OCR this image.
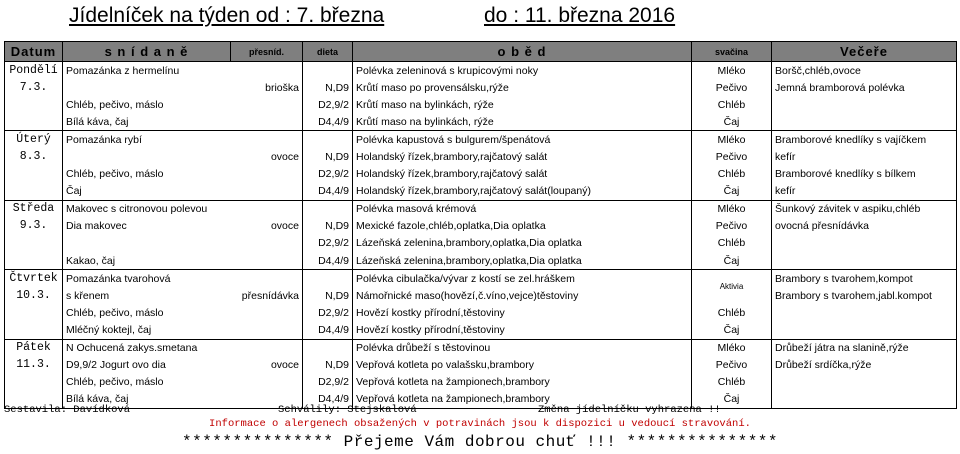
Jídelníček na týden od : 7. března	do : 11. března 2016
Datum	s n í d a n ě	přesníd.	dieta	o b ě d	svačina	Večeře
Pondělí	Pomazánka z hermelínu			Polévka zeleninová s krupicovými noky	Mléko	Boršč,chléb,ovoce
7.3.		brioška	N,D9	Krůtí maso po provensálsku,rýže	Pečivo	Jemná bramborová polévka
	Chléb, pečivo, máslo		D2,9/2	Krůtí maso na bylinkách, rýže	Chléb	
	Bílá káva, čaj		D4,4/9	Krůtí maso na bylinkách, rýže	Čaj	
Úterý	Pomazánka rybí			Polévka kapustová s bulgurem/špenátová	Mléko	Bramborové knedlíky s vajíčkem
8.3.		ovoce	N,D9	Holandský řízek,brambory,rajčatový salát	Pečivo	kefír
	Chléb, pečivo, máslo		D2,9/2	Holandský řízek,brambory,rajčatový salát	Chléb	Bramborové knedlíky s bílkem
	Čaj		D4,4/9	Holandský řízek,brambory,rajčatový salát(loupaný)	Čaj	kefír
Středa	Makovec s citronovou polevou			Polévka masová krémová	Mléko	Šunkový závitek v aspiku,chléb
9.3.	Dia makovec	ovoce	N,D9	Mexické fazole,chléb,oplatka,Dia oplatka	Pečivo	ovocná přesnídávka
			D2,9/2	Lázeňská zelenina,brambory,oplatka,Dia oplatka	Chléb	
	Kakao, čaj		D4,4/9	Lázeňská zelenina,brambory,oplatka,Dia oplatka	Čaj	
Čtvrtek	Pomazánka tvarohová			Polévka cibulačka/vývar z kostí se zel.hráškem	Aktivia	Brambory s tvarohem,kompot
10.3.	s křenem	přesnídávka	N,D9	Námořnické maso(hovězí,č.víno,vejce)těstoviny		Brambory s tvarohem,jabl.kompot
	Chléb, pečivo, máslo		D2,9/2	Hovězí kostky přírodní,těstoviny	Chléb	
	Mléčný koktejl, čaj		D4,4/9	Hovězí kostky přírodní,těstoviny	Čaj	
Pátek	N Ochucená zakys.smetana			Polévka drůbeží s těstovinou	Mléko	Drůbeží játra na slanině,rýže
11.3.	D9,9/2 Jogurt ovo dia	ovoce	N,D9	Vepřová kotleta po valašsku,brambory	Pečivo	Drůbeží srdíčka,rýže
	Chléb, pečivo, máslo		D2,9/2	Vepřová kotleta na žampionech,brambory	Chléb	
	Bílá káva, čaj		D4,4/9	Vepřová kotleta na žampionech,brambory	Čaj	
Sestavila: Davídková	Schválily: Stejskalová	Změna jídelníčku vyhrazena !!
Informace o alergenech obsažených v potravinách jsou k dispozici u vedoucí stravování.
*************** Přejeme Vám dobrou chuť !!! ***************
